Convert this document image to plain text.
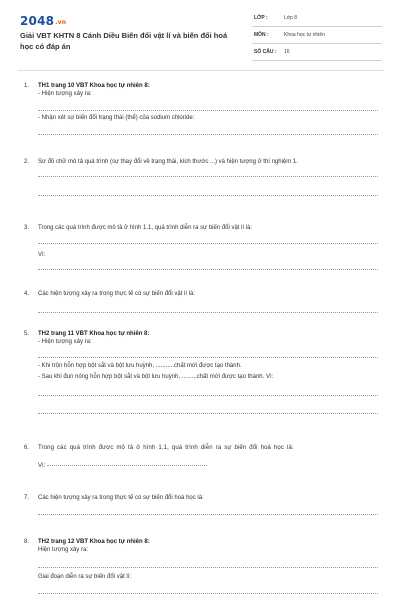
2048.vn
Giải VBT KHTN 8 Cánh Diều Biến đổi vật lí và biến đổi hoá học có đáp án
LỚP :	Lớp 8
MÔN :	Khoa học tự nhiên
SỐ CÂU : 16
1. TH1 trang 10 VBT Khoa học tự nhiên 8:
- Hiện tượng xảy ra:
- Nhận xét sự biến đổi trạng thái (thể) của sodium chloride:
2. Sơ đồ chữ mô tả quá trình (sự thay đổi về trạng thái, kích thước ...) và hiện tượng ở thí nghiệm 1.
3. Trong các quá trình được mô tả ở hình 1.1, quá trình diễn ra sự biến đổi vật lí là:
Vì:
4. Các hiện tượng xảy ra trong thực tế có sự biến đổi vật lí là:
5. TH2 trang 11 VBT Khoa học tự nhiên 8:
- Hiện tượng xảy ra:
- Khi trộn hỗn hợp bột sắt và bột lưu huỳnh, ...........chất mới được tạo thành.
- Sau khi đun nóng hỗn hợp bột sắt và bột lưu huỳnh, .........chất mới được tạo thành. Vì:
6. Trong các quá trình được mô tả ở hình 1.1, quá trình diễn ra sự biến đổi hoá học là:
Vì:
7. Các hiện tượng xảy ra trong thực tế có sự biến đổi hoá học là:
8. TH2 trang 12 VBT Khoa học tự nhiên 8:
Hiện tượng xảy ra:
Giai đoạn diễn ra sự biến đổi vật lí:
